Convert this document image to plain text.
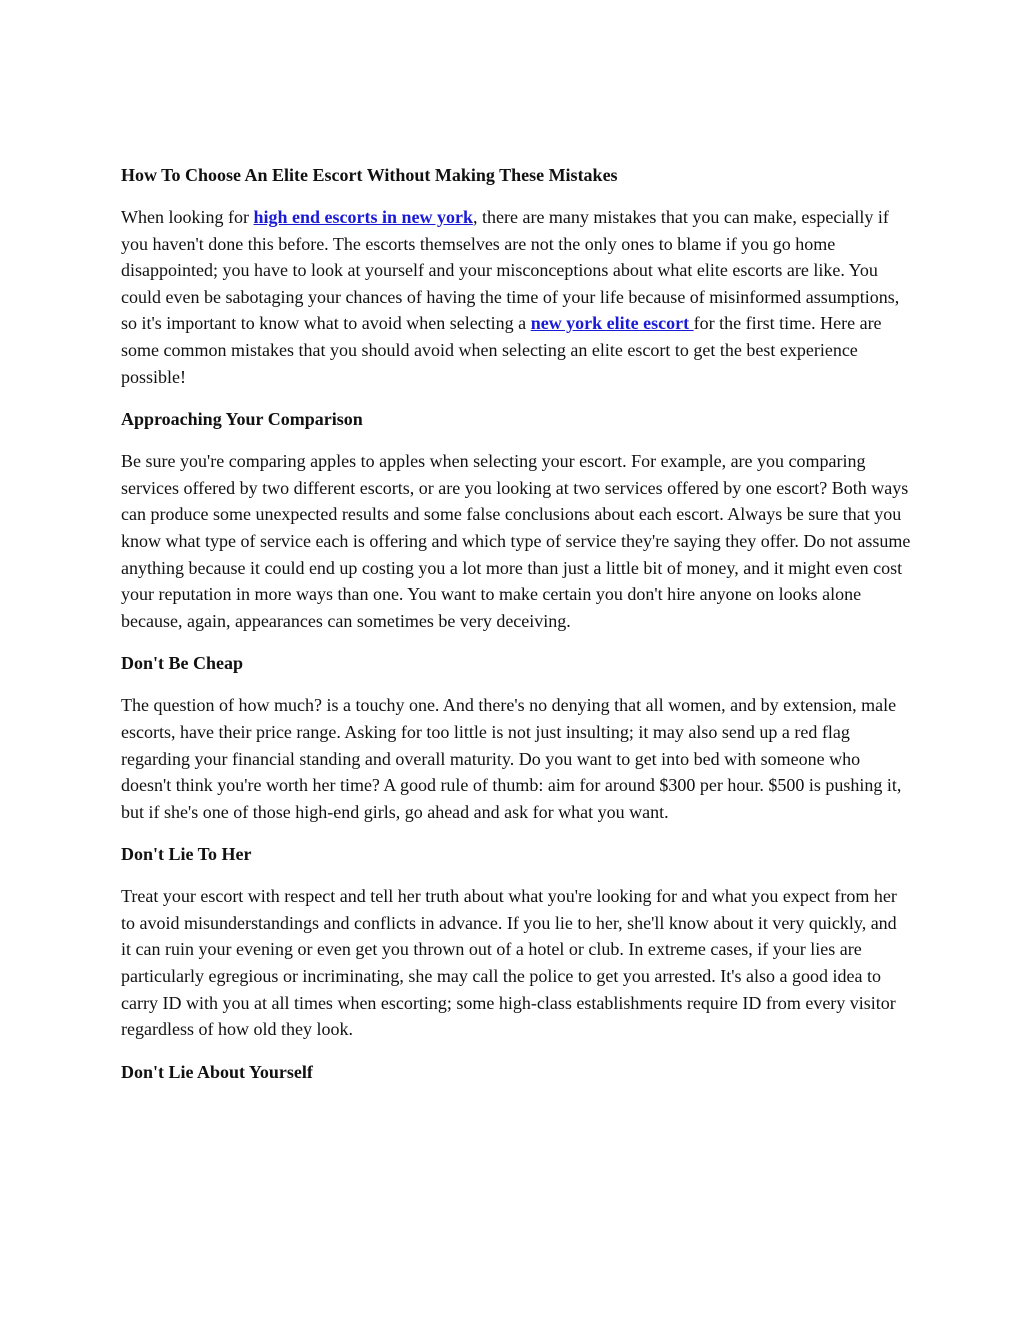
How To Choose An Elite Escort Without Making These Mistakes

When looking for high end escorts in new york, there are many mistakes that you can make, especially if you haven't done this before. The escorts themselves are not the only ones to blame if you go home disappointed; you have to look at yourself and your misconceptions about what elite escorts are like. You could even be sabotaging your chances of having the time of your life because of misinformed assumptions, so it's important to know what to avoid when selecting a new york elite escort for the first time. Here are some common mistakes that you should avoid when selecting an elite escort to get the best experience possible!

Approaching Your Comparison

Be sure you're comparing apples to apples when selecting your escort. For example, are you comparing services offered by two different escorts, or are you looking at two services offered by one escort? Both ways can produce some unexpected results and some false conclusions about each escort. Always be sure that you know what type of service each is offering and which type of service they're saying they offer. Do not assume anything because it could end up costing you a lot more than just a little bit of money, and it might even cost your reputation in more ways than one. You want to make certain you don't hire anyone on looks alone because, again, appearances can sometimes be very deceiving.

Don't Be Cheap

The question of how much? is a touchy one. And there's no denying that all women, and by extension, male escorts, have their price range. Asking for too little is not just insulting; it may also send up a red flag regarding your financial standing and overall maturity. Do you want to get into bed with someone who doesn't think you're worth her time? A good rule of thumb: aim for around $300 per hour. $500 is pushing it, but if she's one of those high-end girls, go ahead and ask for what you want.

Don't Lie To Her

Treat your escort with respect and tell her truth about what you're looking for and what you expect from her to avoid misunderstandings and conflicts in advance. If you lie to her, she'll know about it very quickly, and it can ruin your evening or even get you thrown out of a hotel or club. In extreme cases, if your lies are particularly egregious or incriminating, she may call the police to get you arrested. It's also a good idea to carry ID with you at all times when escorting; some high-class establishments require ID from every visitor regardless of how old they look.

Don't Lie About Yourself
